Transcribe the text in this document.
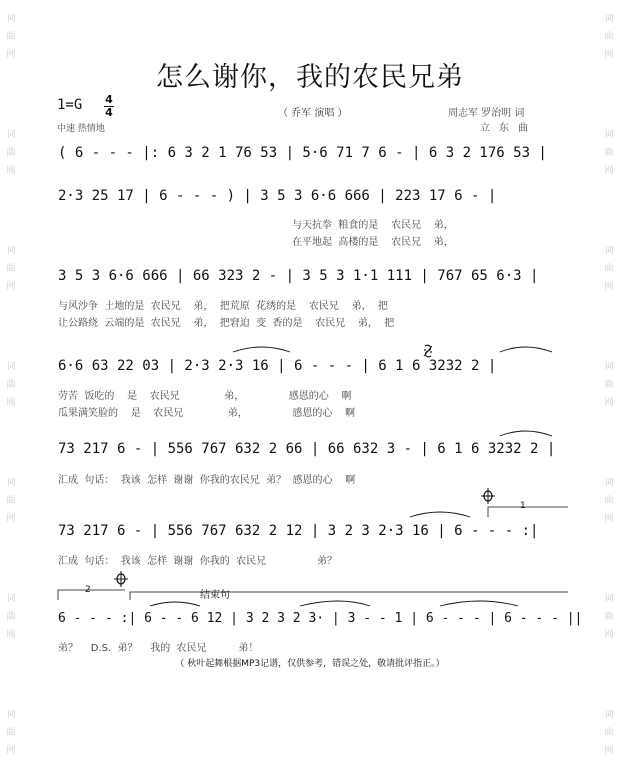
词曲网
词曲网
词曲网
词曲网
词曲网
词曲网
词曲网
词曲网
词曲网
词曲网
词曲网
词曲网
词曲网
词曲网
怎么谢你，我的农民兄弟
1=G 4
4
中速 热情地
（ 乔军 演唱 ）	周志军 罗治明 词
立东曲
( 6 - - - |: 6 3 2 1 76 53 | 5·6 71 7 6 - | 6 3 2 176 53 |
2·3 25 17 | 6 - - - ) | 3 5 3 6·6 666 | 223 17 6 - |
3 5 3 6·6 666 | 66 323 2 - | 3 5 3 1·1 111 | 767 65 6·3 |
6·6 63 22 03 | 2·3 2·3 16 | 6 - - - | 6 1 6 3232 2 |
73 217 6 - | 556 767 632 2 66 | 66 632 3 - | 6 1 6 3232 2 |
73 217 6 - | 556 767 632 2 12 | 3 2 3 2·3 16 | 6 - - - :|
6 - - - :| 6 - - 6 12 | 3 2 3 2 3· | 3 - - 1 | 6 - - - | 6 - - - ||
与天抗拳  粮食的是    农民兄    弟，
在平地起  高楼的是    农民兄    弟，
与风沙争  土地的是  农民兄    弟，  把荒原  花绣的是    农民兄    弟，  把
让公路绕  云端的是  农民兄    弟，  把窘迫  变  香的是    农民兄    弟，  把
劳苦  饭吃的    是    农民兄              弟，              感恩的心    啊
瓜果满笑脸的    是    农民兄              弟，              感恩的心    啊
汇成  句话：  我该  怎样  谢谢  你我的农民兄  弟？  感恩的心    啊
汇成  句话：  我该  怎样  谢谢  你我的  农民兄                弟？
弟？    D.S.  弟？    我的  农民兄          弟！
1
2	结束句
（ 秋叶起舞根据MP3记谱，仅供参考，错误之处，敬请批评指正。）
